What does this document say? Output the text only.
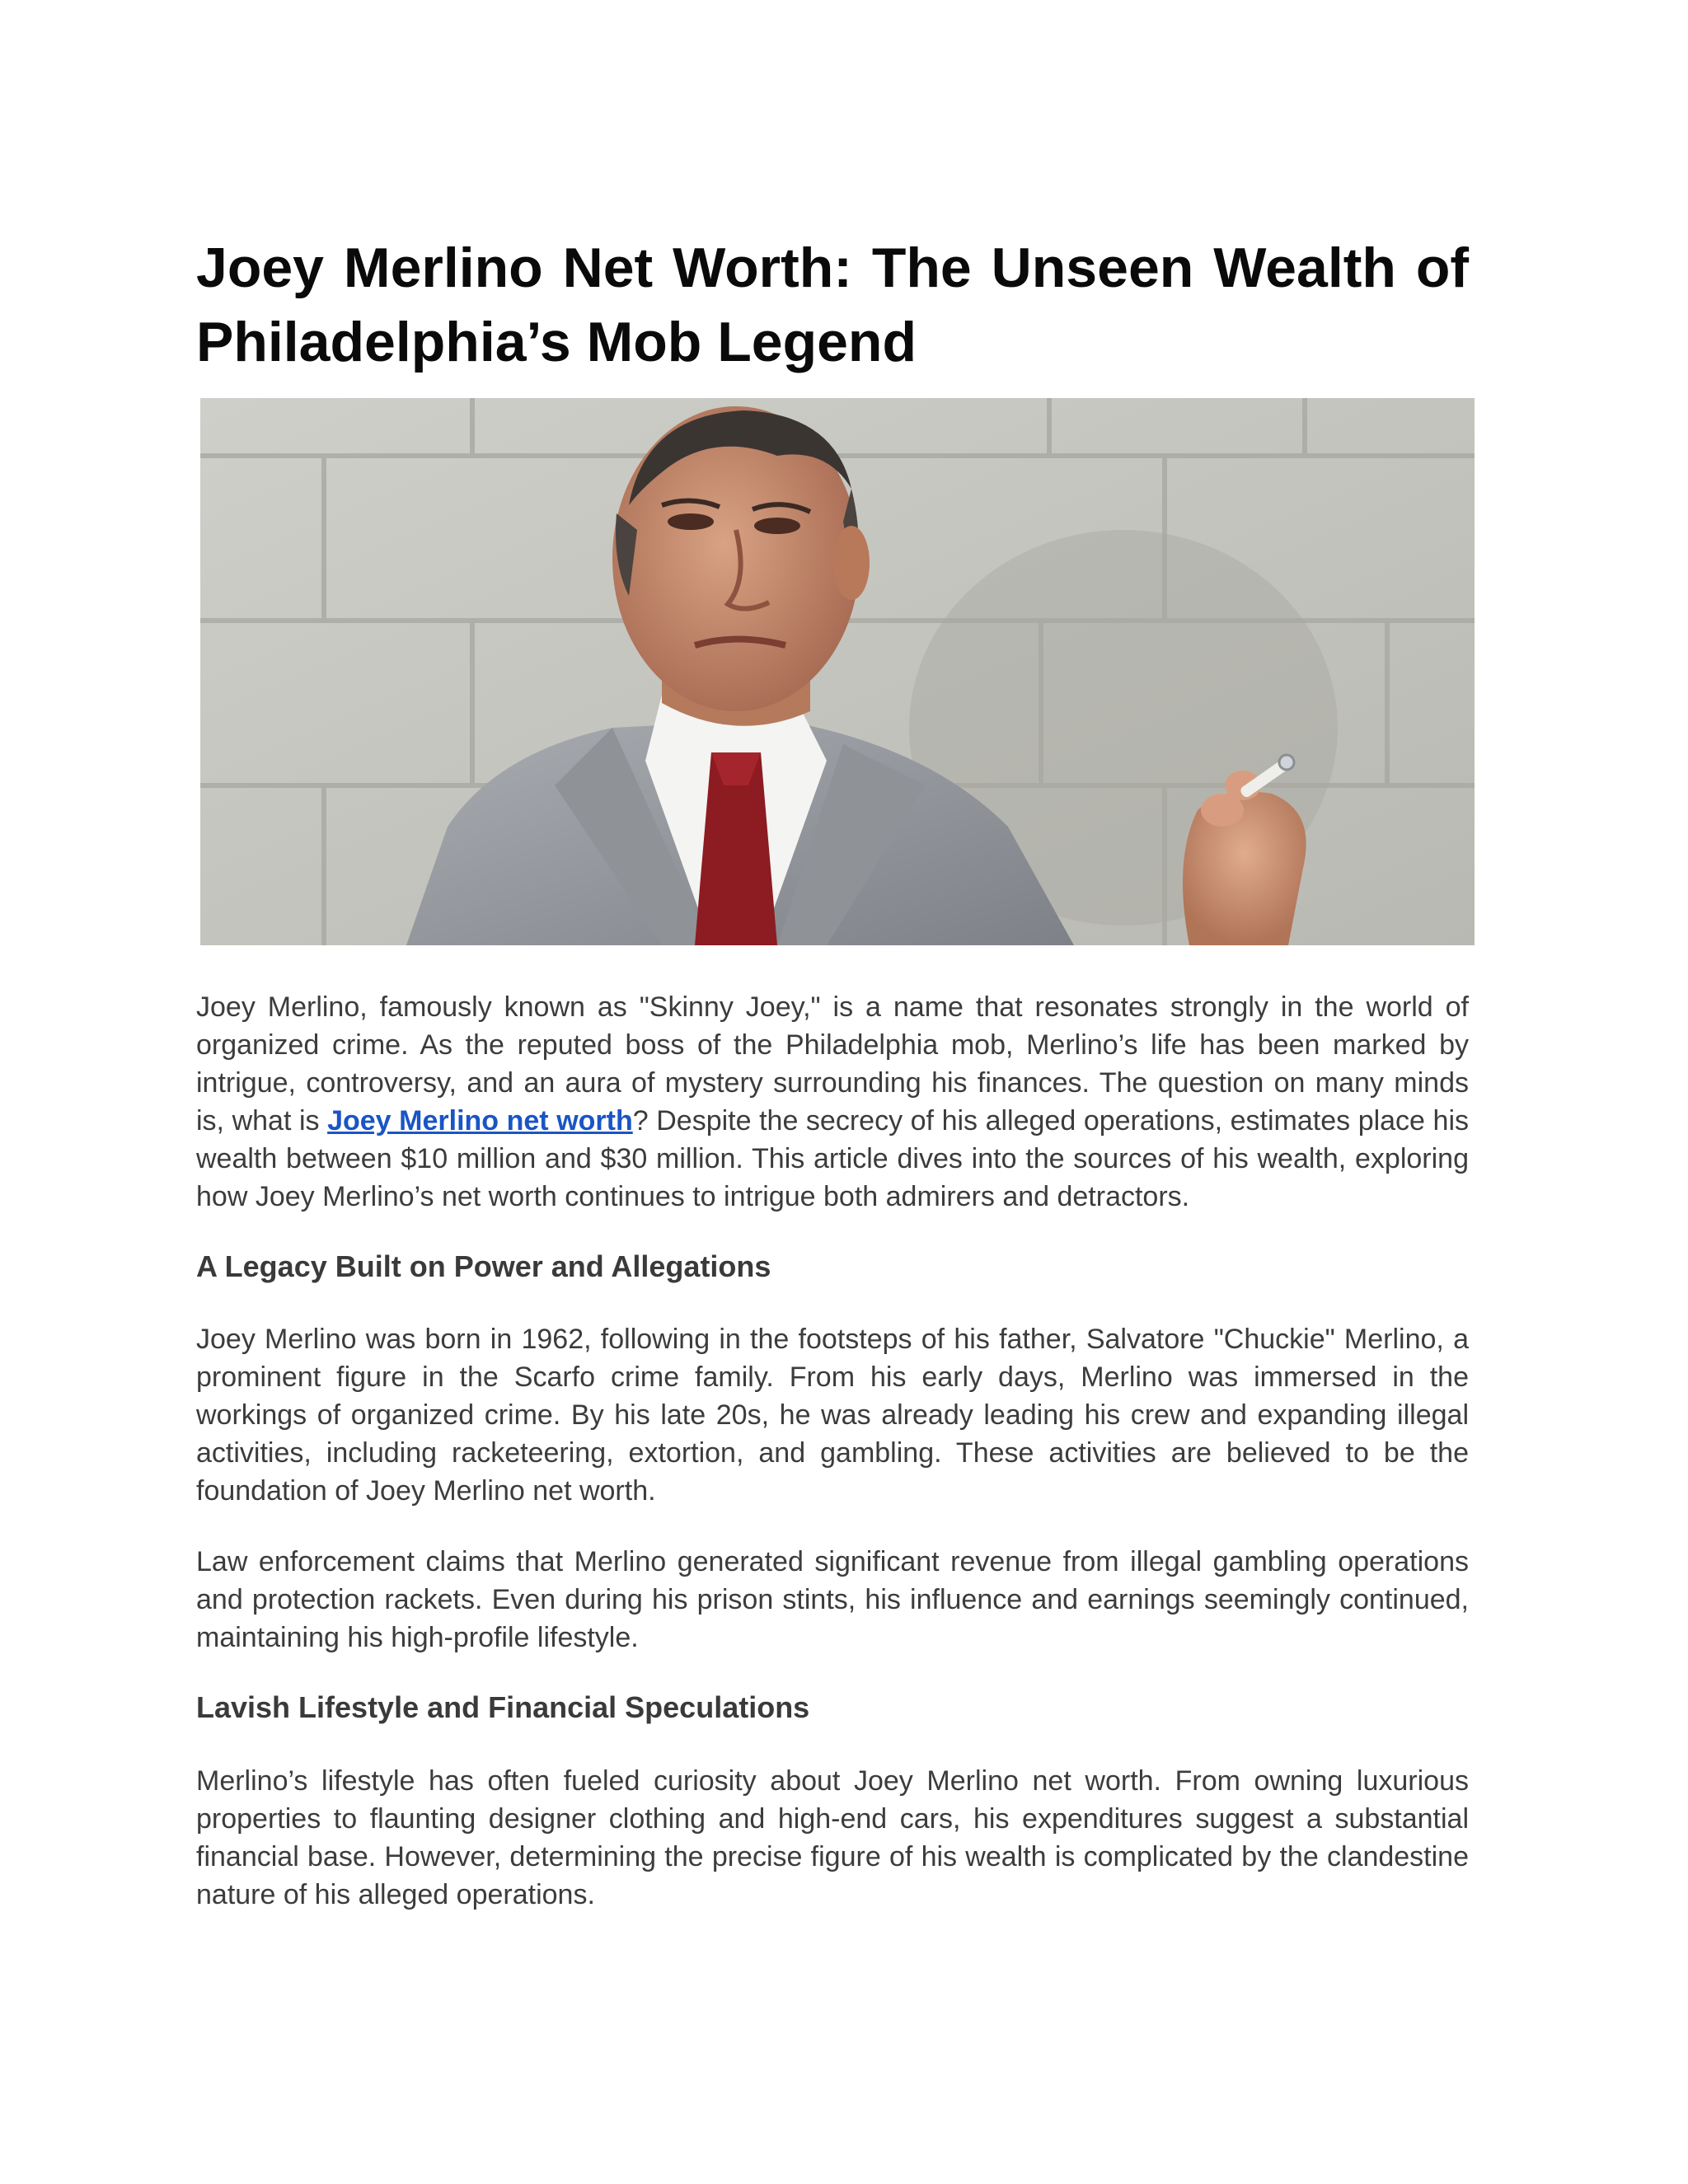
Joey Merlino Net Worth: The Unseen Wealth of Philadelphia’s Mob Legend

Joey Merlino, famously known as "Skinny Joey," is a name that resonates strongly in the world of organized crime. As the reputed boss of the Philadelphia mob, Merlino’s life has been marked by intrigue, controversy, and an aura of mystery surrounding his finances. The question on many minds is, what is Joey Merlino net worth? Despite the secrecy of his alleged operations, estimates place his wealth between $10 million and $30 million. This article dives into the sources of his wealth, exploring how Joey Merlino’s net worth continues to intrigue both admirers and detractors.

A Legacy Built on Power and Allegations

Joey Merlino was born in 1962, following in the footsteps of his father, Salvatore "Chuckie" Merlino, a prominent figure in the Scarfo crime family. From his early days, Merlino was immersed in the workings of organized crime. By his late 20s, he was already leading his crew and expanding illegal activities, including racketeering, extortion, and gambling. These activities are believed to be the foundation of Joey Merlino net worth.

Law enforcement claims that Merlino generated significant revenue from illegal gambling operations and protection rackets. Even during his prison stints, his influence and earnings seemingly continued, maintaining his high-profile lifestyle.

Lavish Lifestyle and Financial Speculations

Merlino’s lifestyle has often fueled curiosity about Joey Merlino net worth. From owning luxurious properties to flaunting designer clothing and high-end cars, his expenditures suggest a substantial financial base. However, determining the precise figure of his wealth is complicated by the clandestine nature of his alleged operations.
